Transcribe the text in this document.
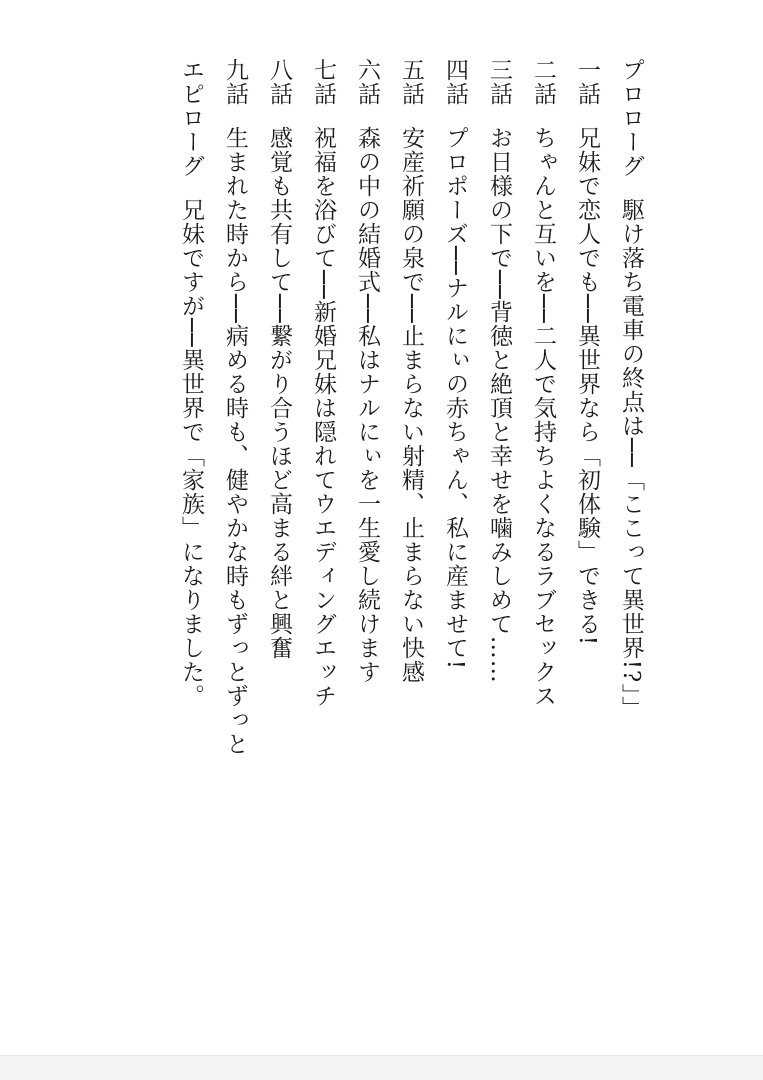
プロローグ駆け落ち電車の終点は──「ここって異世界!?」」
一話兄妹で恋人でも──異世界なら「初体験」できる!
二話ちゃんと互いを──二人で気持ちよくなるラブセックス
三話お日様の下で──背徳と絶頂と幸せを噛みしめて……
四話プロポーズ──ナルにぃの赤ちゃん、私に産ませて!
五話安産祈願の泉で──止まらない射精、止まらない快感
六話森の中の結婚式──私はナルにぃを一生愛し続けます
七話祝福を浴びて──新婚兄妹は隠れてウエディングエッチ
八話感覚も共有して──繋がり合うほど高まる絆と興奮
九話生まれた時から──病める時も、健やかな時もずっとずっと
エピローグ兄妹ですが──異世界で「家族」になりました。
